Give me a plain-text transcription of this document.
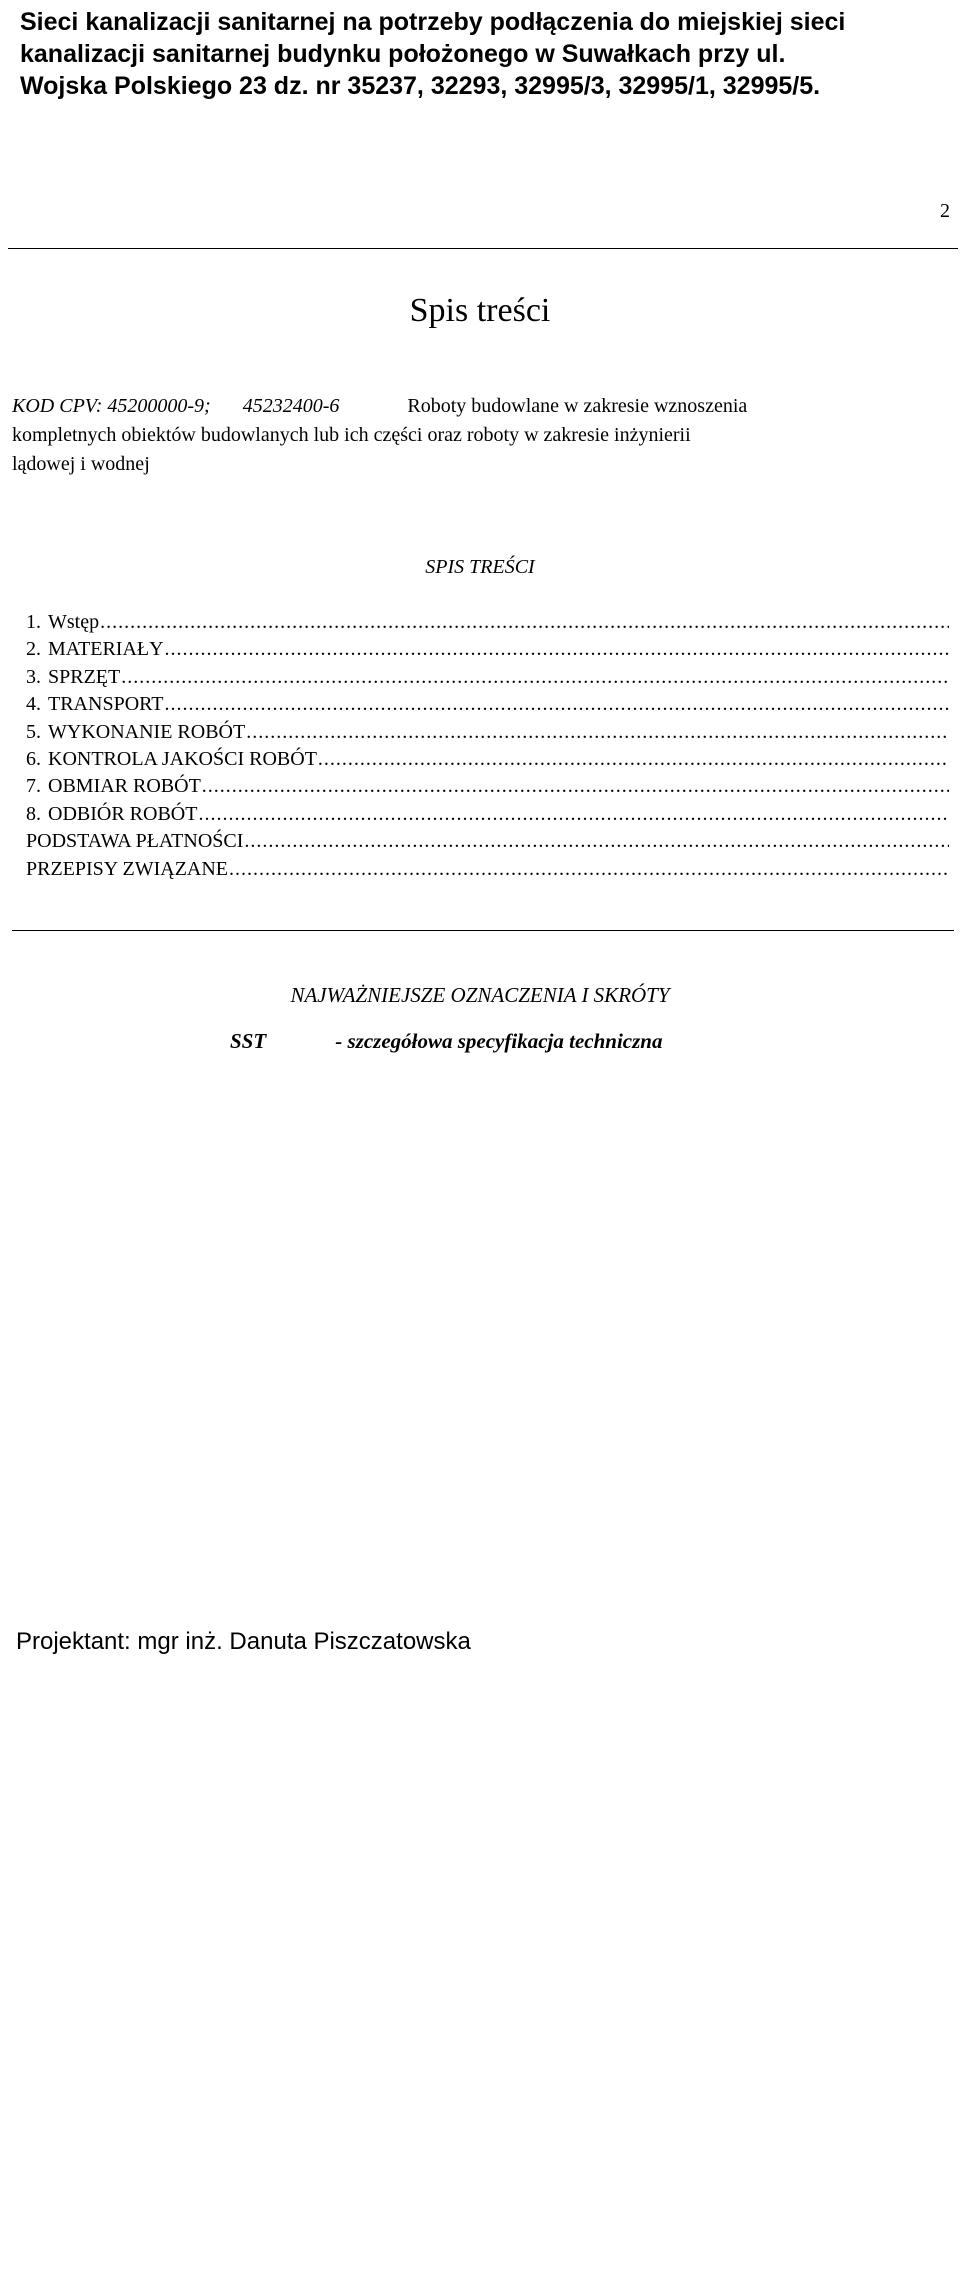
Sieci kanalizacji sanitarnej na potrzeby podłączenia do miejskiej sieci
kanalizacji sanitarnej budynku położonego w Suwałkach przy ul.
Wojska Polskiego 23 dz. nr 35237, 32293, 32995/3, 32995/1, 32995/5.
2
Spis treści
KOD CPV: 45200000-9; 45232400-6	Roboty budowlane w zakresie wznoszenia
kompletnych obiektów budowlanych lub ich części oraz roboty w zakresie inżynierii
lądowej i wodnej
SPIS TREŚCI
1. Wstęp
.....
2. MATERIAŁY
.....
3. SPRZĘT
.....
4. TRANSPORT
.....
5. WYKONANIE ROBÓT
.....
6. KONTROLA JAKOŚCI ROBÓT
.....
7. OBMIAR ROBÓT
.....
8. ODBIÓR ROBÓT
.....
PODSTAWA PŁATNOŚCI
.....
PRZEPISY ZWIĄZANE
.....
NAJWAŻNIEJSZE OZNACZENIA I SKRÓTY
SST	- szczegółowa specyfikacja techniczna
Projektant: mgr inż. Danuta Piszczatowska
